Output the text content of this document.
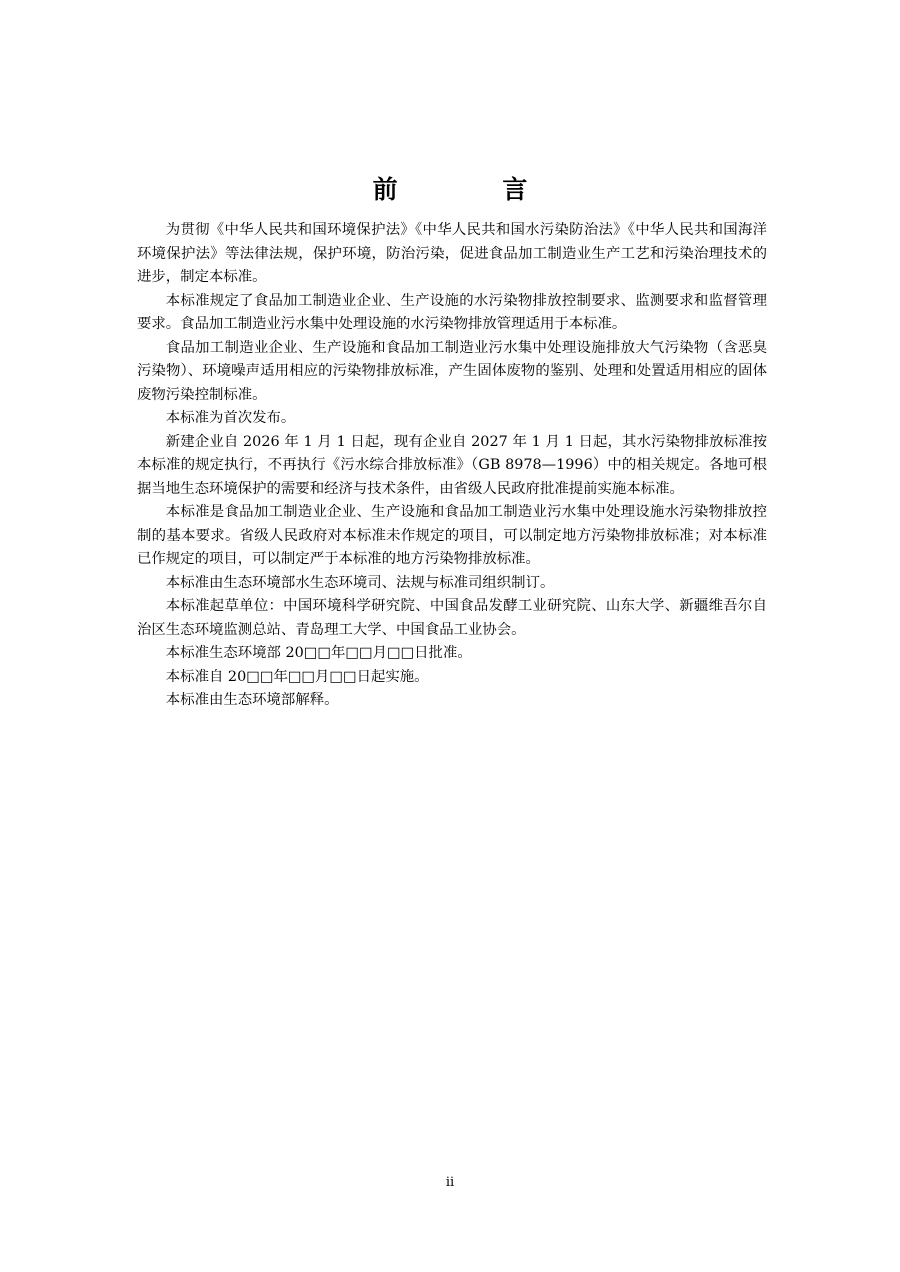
前 言

为贯彻《中华人民共和国环境保护法》《中华人民共和国水污染防治法》《中华人民共和国海洋环境保护法》等法律法规，保护环境，防治污染，促进食品加工制造业生产工艺和污染治理技术的进步，制定本标准。

本标准规定了食品加工制造业企业、生产设施的水污染物排放控制要求、监测要求和监督管理要求。食品加工制造业污水集中处理设施的水污染物排放管理适用于本标准。

食品加工制造业企业、生产设施和食品加工制造业污水集中处理设施排放大气污染物（含恶臭污染物）、环境噪声适用相应的污染物排放标准，产生固体废物的鉴别、处理和处置适用相应的固体废物污染控制标准。

本标准为首次发布。

新建企业自 2026 年 1 月 1 日起，现有企业自 2027 年 1 月 1 日起，其水污染物排放标准按本标准的规定执行，不再执行《污水综合排放标准》（GB 8978—1996）中的相关规定。各地可根据当地生态环境保护的需要和经济与技术条件，由省级人民政府批准提前实施本标准。

本标准是食品加工制造业企业、生产设施和食品加工制造业污水集中处理设施水污染物排放控制的基本要求。省级人民政府对本标准未作规定的项目，可以制定地方污染物排放标准；对本标准已作规定的项目，可以制定严于本标准的地方污染物排放标准。

本标准由生态环境部水生态环境司、法规与标准司组织制订。

本标准起草单位：中国环境科学研究院、中国食品发酵工业研究院、山东大学、新疆维吾尔自治区生态环境监测总站、青岛理工大学、中国食品工业协会。

本标准生态环境部 20□□年□□月□□日批准。

本标准自 20□□年□□月□□日起实施。

本标准由生态环境部解释。

ii
